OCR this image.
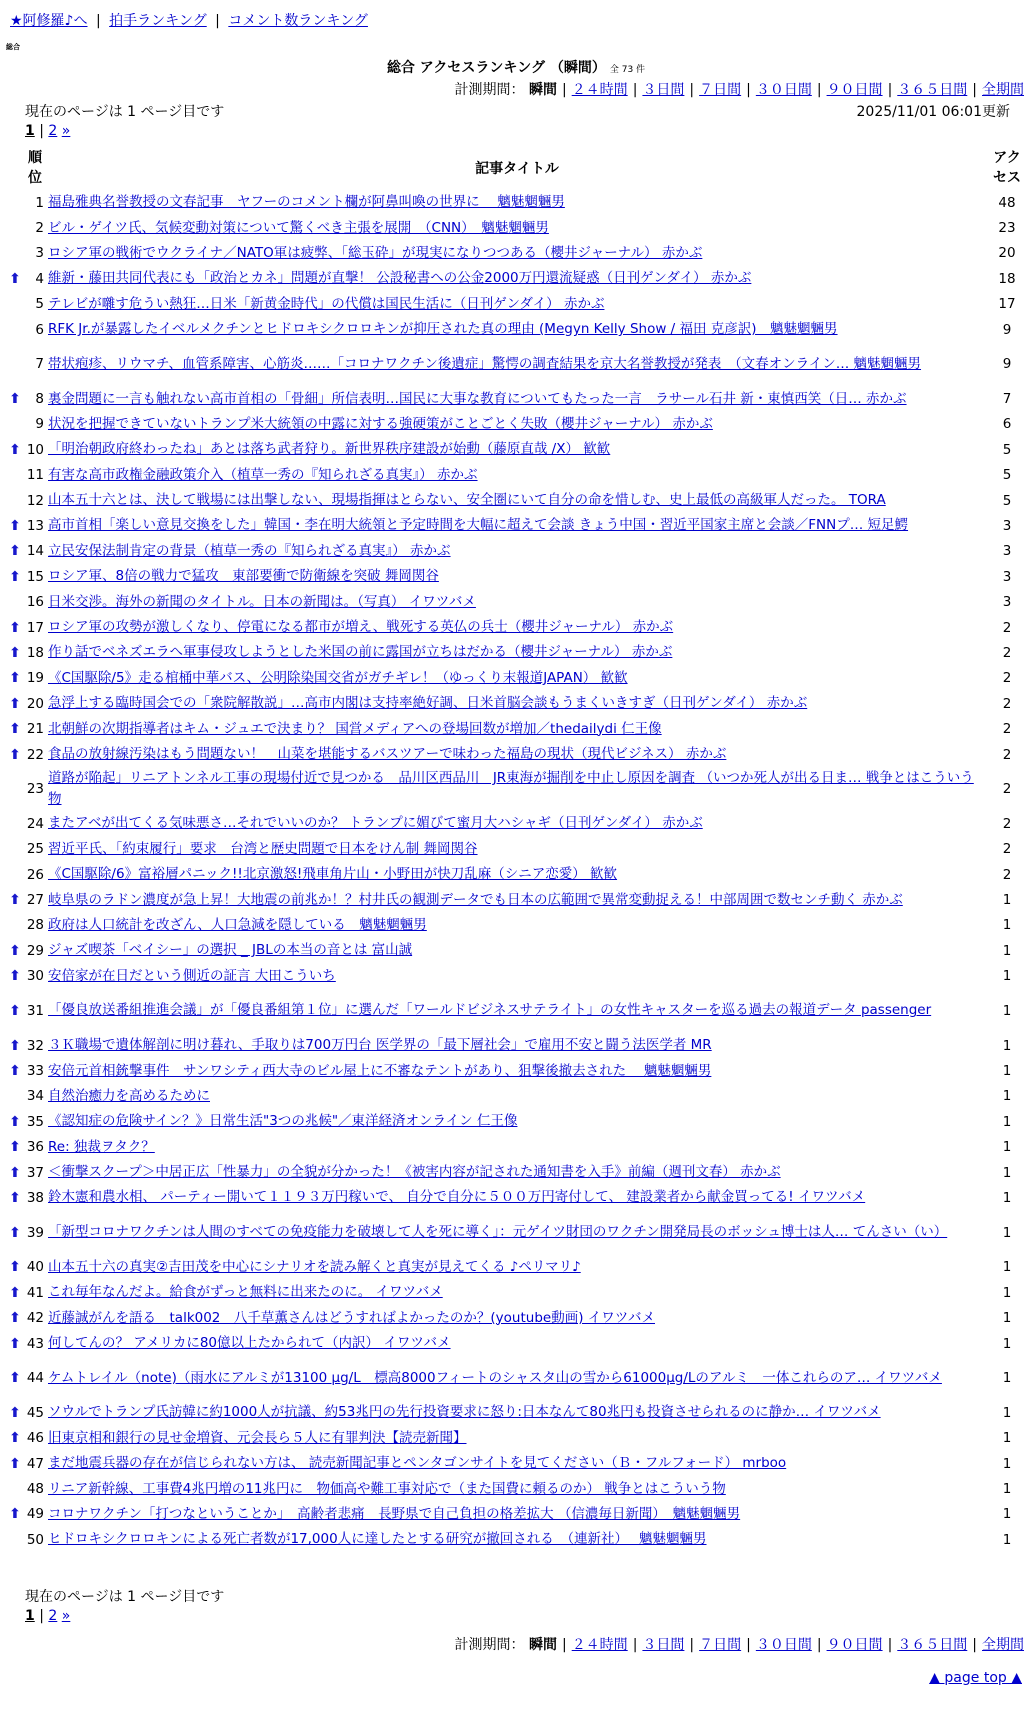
★阿修羅♪へ | 拍手ランキング | コメント数ランキング
総合
総合 アクセスランキング （瞬間） 全 73 件
計測期間： 瞬間 | ２４時間 | ３日間 | ７日間 | ３０日間 | ９０日間 | ３６５日間 | 全期間
現在のページは 1 ページ目です	2025/11/01 06:01更新
1 | 2 »
	順位	記事タイトル	アクセス
	1	福島雅典名誉教授の文春記事　ヤフーのコメント欄が阿鼻叫喚の世界に　 魑魅魍魎男	48
	2	ビル・ゲイツ氏、気候変動対策について驚くべき主張を展開　（CNN）　魑魅魍魎男	23
	3	ロシア軍の戦術でウクライナ／NATO軍は疲弊、「総玉砕」が現実になりつつある（櫻井ジャーナル） 赤かぶ	20
⬆	4	維新・藤田共同代表にも「政治とカネ」問題が直撃！ 公設秘書への公金2000万円還流疑惑（日刊ゲンダイ） 赤かぶ	18
	5	テレビが囃す危うい熱狂…日米「新黄金時代」の代償は国民生活に（日刊ゲンダイ） 赤かぶ	17
	6	RFK Jr.が暴露したイベルメクチンとヒドロキシクロロキンが抑圧された真の理由 (Megyn Kelly Show / 福田 克彦訳)　魑魅魍魎男	9
	7	帯状疱疹、リウマチ、血管系障害、心筋炎……「コロナワクチン後遺症」驚愕の調査結果を京大名誉教授が発表　（文春オンライン… 魑魅魍魎男	9
⬆	8	裏金問題に一言も触れない高市首相の「骨細」所信表明…国民に大事な教育についてもたった一言　ラサール石井 新・東慎西笑（日… 赤かぶ	7
	9	状況を把握できていないトランプ米大統領の中露に対する強硬策がことごとく失敗（櫻井ジャーナル） 赤かぶ	6
⬆	10	「明治朝政府終わったね」あとは落ち武者狩り。新世界秩序建設が始動（藤原直哉 /X） 歓歓	5
	11	有害な高市政権金融政策介入（植草一秀の『知られざる真実』） 赤かぶ	5
	12	山本五十六とは、決して戦場には出撃しない、現場指揮はとらない、安全圏にいて自分の命を惜しむ、史上最低の高級軍人だった。 TORA	5
⬆	13	高市首相「楽しい意見交換をした」韓国・李在明大統領と予定時間を大幅に超えて会談 きょう中国・習近平国家主席と会談／FNNプ… 短足鰐	3
⬆	14	立民安保法制肯定の背景（植草一秀の『知られざる真実』） 赤かぶ	3
⬆	15	ロシア軍、8倍の戦力で猛攻　東部要衝で防衛線を突破 舞岡関谷	3
	16	日米交渉。海外の新聞のタイトル。日本の新聞は。（写真） イワツバメ	3
⬆	17	ロシア軍の攻勢が激しくなり、停電になる都市が増え、戦死する英仏の兵士（櫻井ジャーナル） 赤かぶ	2
⬆	18	作り話でベネズエラへ軍事侵攻しようとした米国の前に露国が立ちはだかる（櫻井ジャーナル） 赤かぶ	2
⬆	19	《C国駆除/5》走る棺桶中華バス、公明除染国交省がガチギレ！（ゆっくり末報道JAPAN） 歓歓	2
⬆	20	急浮上する臨時国会での「衆院解散説」…高市内閣は支持率絶好調、日米首脳会談もうまくいきすぎ（日刊ゲンダイ） 赤かぶ	2
⬆	21	北朝鮮の次期指導者はキム・ジュエで決まり？ 国営メディアへの登場回数が増加／thedailydi 仁王像	2
⬆	22	食品の放射線汚染はもう問題ない！　山菜を堪能するバスツアーで味わった福島の現状（現代ビジネス） 赤かぶ	2
	23	道路が陥起」リニアトンネル工事の現場付近で見つかる　品川区西品川　JR東海が掘削を中止し原因を調査 （いつか死人が出る日ま… 戦争とはこういう物	2
	24	またアベが出てくる気味悪さ…それでいいのか？ トランプに媚びて蜜月大ハシャギ（日刊ゲンダイ） 赤かぶ	2
	25	習近平氏、「約束履行」要求　台湾と歴史問題で日本をけん制 舞岡関谷	2
	26	《C国駆除/6》富裕層パニック!!北京激怒!飛車角片山・小野田が快刀乱麻（シニア恋愛） 歓歓	2
⬆	27	岐阜県のラドン濃度が急上昇！大地震の前兆か！？村井氏の観測データでも日本の広範囲で異常変動捉える！中部周囲で数センチ動く 赤かぶ	1
	28	政府は人口統計を改ざん、人口急減を隠している　魑魅魍魎男	1
⬆	29	ジャズ喫茶「ベイシー」の選択 _ JBLの本当の音とは 富山誠	1
⬆	30	安倍家が在日だという側近の証言 大田こういち	1
⬆	31	「優良放送番組推進会議」が「優良番組第１位」に選んだ「ワールドビジネスサテライト」の女性キャスターを巡る過去の報道データ passenger	1
⬆	32	３Ｋ職場で遺体解剖に明け暮れ、手取りは700万円台 医学界の「最下層社会」で雇用不安と闘う法医学者 MR	1
⬆	33	安倍元首相銃撃事件　サンワシティ西大寺のビル屋上に不審なテントがあり、狙撃後撤去された　 魑魅魍魎男	1
	34	自然治癒力を高めるために	1
⬆	35	《認知症の危険サイン？》日常生活"3つの兆候"／東洋経済オンライン 仁王像	1
⬆	36	Re: 独裁ヲタク？	1
⬆	37	＜衝撃スクープ＞中居正広「性暴力」の全貌が分かった！《被害内容が記された通知書を入手》前編（週刊文春） 赤かぶ	1
⬆	38	鈴木憲和農水相、 パーティー開いて１１９３万円稼いで、 自分で自分に５００万円寄付して、 建設業者から献金買ってる! イワツバメ	1
⬆	39	「新型コロナワクチンは人間のすべての免疫能力を破壊して人を死に導く」：元ゲイツ財団のワクチン開発局長のボッシュ博士は人… てんさい（い）	1
⬆	40	山本五十六の真実②吉田茂を中心にシナリオを読み解くと真実が見えてくる ♪ペリマリ♪	1
⬆	41	これ毎年なんだよ。給食がずっと無料に出来たのに。 イワツバメ	1
⬆	42	近藤誠がんを語る　talk002　八千草薫さんはどうすればよかったのか？(youtube動画) イワツバメ	1
⬆	43	何してんの？ アメリカに80億以上たかられて（内訳） イワツバメ	1
⬆	44	ケムトレイル（note)（雨水にアルミが13100 μg/L　標高8000フィートのシャスタ山の雪から61000μg/Lのアルミ　一体これらのア… イワツバメ	1
⬆	45	ソウルでトランプ氏訪韓に約1000人が抗議、約53兆円の先行投資要求に怒り:日本なんて80兆円も投資させられるのに静か… イワツバメ	1
⬆	46	旧東京相和銀行の見せ金増資、元会長ら５人に有罪判決【読売新聞】	1
⬆	47	まだ地震兵器の存在が信じられない方は、 読売新聞記事とペンタゴンサイトを見てください（Ｂ・フルフォード） mrboo	1
	48	リニア新幹線、工事費4兆円増の11兆円に　物価高や難工事対応で（また国費に頼るのか） 戦争とはこういう物	1
⬆	49	コロナワクチン「打つなということか」　高齢者悲痛　長野県で自己負担の格差拡大 （信濃毎日新聞）　魑魅魍魎男	1
	50	ヒドロキシクロロキンによる死亡者数が17,000人に達したとする研究が撤回される　（連新社）　 魑魅魍魎男	1
現在のページは 1 ページ目です
1 | 2 »
計測期間： 瞬間 | ２４時間 | ３日間 | ７日間 | ３０日間 | ９０日間 | ３６５日間 | 全期間
▲ page top ▲
